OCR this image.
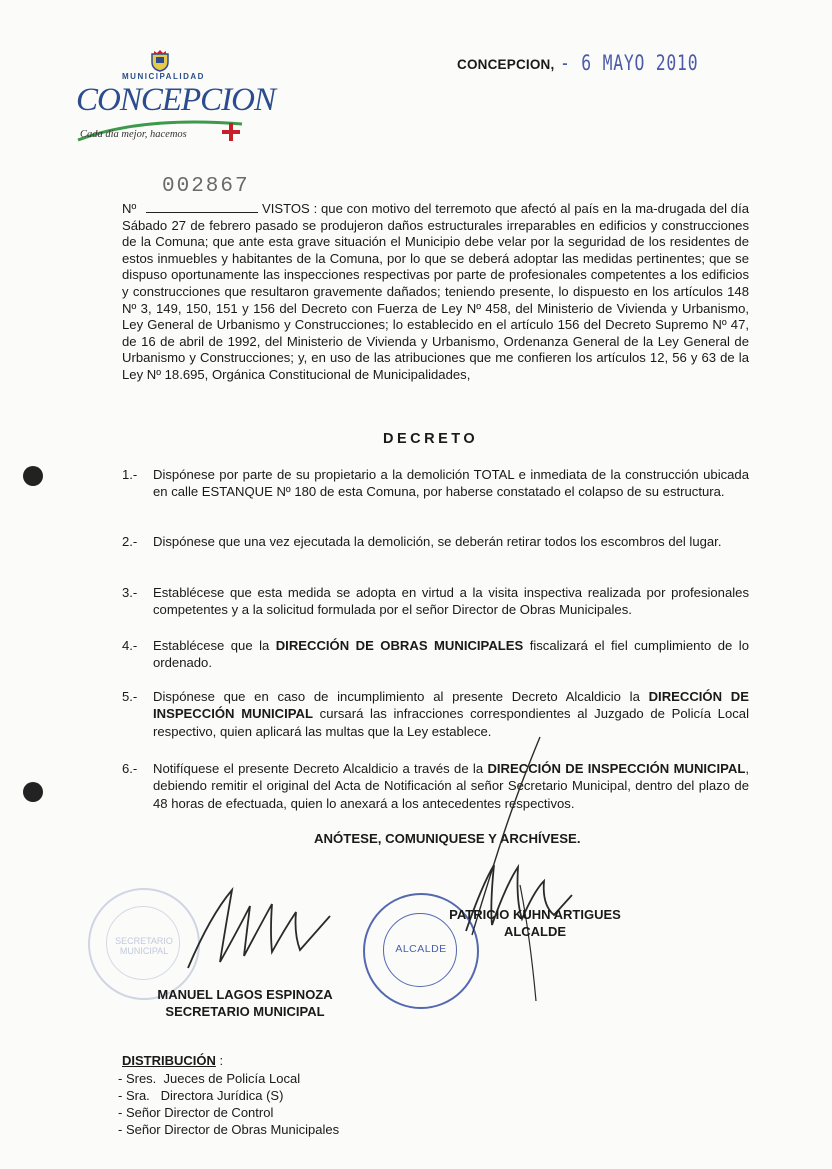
MUNICIPALIDAD
CONCEPCION
Cada dia mejor, hacemos
CONCEPCION, - 6 MAYO 2010
002867
Nº	VISTOS : que con motivo del terremoto que afectó al país en la ma-drugada del día Sábado 27 de febrero pasado se produjeron daños estructurales irreparables en edificios y construcciones de la Comuna; que ante esta grave situación el Municipio debe velar por la seguridad de los residentes de estos inmuebles y habitantes de la Comuna, por lo que se deberá adoptar las medidas pertinentes; que se dispuso oportunamente las inspecciones respectivas por parte de profesionales competentes a los edificios y construcciones que resultaron gravemente dañados; teniendo presente, lo dispuesto en los artículos 148 Nº 3, 149, 150, 151 y 156 del Decreto con Fuerza de Ley Nº 458, del Ministerio de Vivienda y Urbanismo, Ley General de Urbanismo y Construcciones; lo establecido en el artículo 156 del Decreto Supremo Nº 47, de 16 de abril de 1992, del Ministerio de Vivienda y Urbanismo, Ordenanza General de la Ley General de Urbanismo y Construcciones; y, en uso de las atribuciones que me confieren los artículos 12, 56 y 63 de la Ley Nº 18.695, Orgánica Constitucional de Municipalidades,
DECRETO
1.-	Dispónese por parte de su propietario a la demolición TOTAL e inmediata de la construcción ubicada en calle ESTANQUE Nº 180 de esta Comuna, por haberse constatado el colapso de su estructura.
2.-	Dispónese que una vez ejecutada la demolición, se deberán retirar todos los escombros del lugar.
3.-	Establécese que esta medida se adopta en virtud a la visita inspectiva realizada por profesionales competentes y a la solicitud formulada por el señor Director de Obras Municipales.
4.-	Establécese que la DIRECCIÓN DE OBRAS MUNICIPALES fiscalizará el fiel cumplimiento de lo ordenado.
5.-	Dispónese que en caso de incumplimiento al presente Decreto Alcaldicio la DIRECCIÓN DE INSPECCIÓN MUNICIPAL cursará las infracciones correspondientes al Juzgado de Policía Local respectivo, quien aplicará las multas que la Ley establece.
6.-	Notifíquese el presente Decreto Alcaldicio a través de la DIRECCIÓN DE INSPECCIÓN MUNICIPAL, debiendo remitir el original del Acta de Notificación al señor Secretario Municipal, dentro del plazo de 48 horas de efectuada, quien lo anexará a los antecedentes respectivos.
ANÓTESE, COMUNIQUESE Y ARCHÍVESE.
SECRETARIO MUNICIPAL	ALCALDE
PATRICIO KUHN ARTIGUES
ALCALDE
MANUEL LAGOS ESPINOZA
SECRETARIO MUNICIPAL
DISTRIBUCIÓN :
- Sres.  Jueces de Policía Local
- Sra.   Directora Jurídica (S)
- Señor Director de Control
- Señor Director de Obras Municipales
